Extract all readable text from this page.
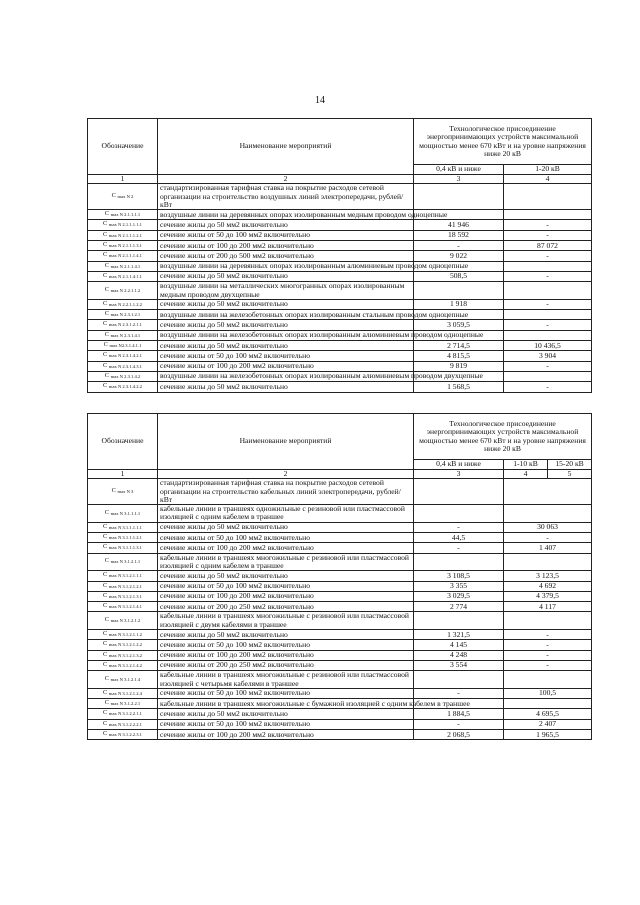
14
Обозначение	Наименование мероприятий	Технологическое присоединение энергопринимающих устройств максимальной мощностью менее 670 кВт и на уровне напряжения ниже 20 кВ	
		0,4 кВ и ниже	1-20 кВ
1	2	3	4
С $_{max N 2}$	стандартизированная тарифная ставка на покрытие расходов сетевой организации на строительство воздушных линий электропередачи, рублей/кВт		
С $_{max N 2.1.1.1.1}$	воздушные линии на деревянных опорах изолированным медным проводом одноцепные		
С $_{max N 2.1.1.1.1.1}$	сечение жилы до 50 мм2 включительно	41 946	-
С $_{max N 2.1.1.1.2.1}$	сечение жилы от 50 до 100 мм2 включительно	18 592	-
С $_{max N 2.1.1.1.3.1}$	сечение жилы от 100 до 200 мм2 включительно	-	87 072
С $_{max N 2.1.1.1.4.1}$	сечение жилы от 200 до 500 мм2 включительно	9 022	-
С $_{max N 2.1.1.4.1}$	воздушные линии на деревянных опорах изолированным алюминиевым проводом одноцепные		
С $_{max N 2.1.1.4.1.1}$	сечение жилы до 50 мм2 включительно	508,5	-
С $_{max N 2.2.1.1.2}$	воздушные линии на металлических многогранных опорах изолированным медным проводом двухцепные		
С $_{max N 2.2.1.1.2.2}$	сечение жилы до 50 мм2 включительно	1 918	-
С $_{max N 2.3.1.2.1}$	воздушные линии на железобетонных опорах изолированным стальным проводом одноцепные		
С $_{max N 2.3.1.2.1.1}$	сечение жилы до 50 мм2 включительно	3 059,5	-
С $_{max N 2.3.1.4.1}$	воздушные линии на железобетонных опорах изолированным алюминиевым проводом одноцепные		
С $_{max N2.3.1.4.1.1}$	сечение жилы до 50 мм2 включительно	2 714,5	10 436,5
С $_{max N 2.3.1.4.2.1}$	сечение жилы от 50 до 100 мм2 включительно	4 815,5	3 904
С $_{max N 2.3.1.4.3.1}$	сечение жилы от 100 до 200 мм2 включительно	9 819	-
С $_{max N 2.3.1.4.2}$	воздушные линии на железобетонных опорах изолированным алюминиевым проводом двухцепные		
С $_{max N 2.3.1.4.2.2}$	сечение жилы до 50 мм2 включительно	1 568,5	-
Обозначение	Наименование мероприятий	Технологическое присоединение энергопринимающих устройств максимальной мощностью менее 670 кВт и на уровне напряжения ниже 20 кВ		
		0,4 кВ и ниже	1-10 кВ	15-20 кВ
1	2	3	4	5
С $_{max N 3}$	стандартизированная тарифная ставка на покрытие расходов сетевой организации на строительство кабельных линий электропередачи, рублей/кВт			
С $_{max N 3.1.1.1.1}$	кабельные линии в траншеях одножильные с резиновой или пластмассовой изоляцией с одним кабелем в траншее			
С $_{max N 3.1.1.1.1.1}$	сечение жилы до 50 мм2 включительно	-	30 063	
С $_{max N 3.1.1.1.2.1}$	сечение жилы от 50 до 100 мм2 включительно	44,5	-	
С $_{max N 3.1.1.1.3.1}$	сечение жилы от 100 до 200 мм2 включительно	-	1 407	
С $_{max N 3.1.2.1.1}$	кабельные линии в траншеях многожильные с резиновой или пластмассовой изоляцией с одним кабелем в траншее			
С $_{max N 3.1.2.1.1.1}$	сечение жилы до 50 мм2 включительно	3 108,5	3 123,5	
С $_{max N 3.1.2.1.2.1}$	сечение жилы от 50 до 100 мм2 включительно	3 355	4 692	
С $_{max N 3.1.2.1.3.1}$	сечение жилы от 100 до 200 мм2 включительно	3 029,5	4 379,5	
С $_{max N 3.1.2.1.4.1}$	сечение жилы от 200 до 250 мм2 включительно	2 774	4 117	
С $_{max N 3.1.2.1.2}$	кабельные линии в траншеях многожильные с резиновой или пластмассовой изоляцией с двумя кабелями в траншее			
С $_{max N 3.1.2.1.1.2}$	сечение жилы до 50 мм2 включительно	1 321,5	-	
С $_{max N 3.1.2.1.2.2}$	сечение жилы от 50 до 100 мм2 включительно	4 145	-	
С $_{max N 3.1.2.1.3.2}$	сечение жилы от 100 до 200 мм2 включительно	4 248	-	
С $_{max N 3.1.2.1.4.2}$	сечение жилы от 200 до 250 мм2 включительно	3 554	-	
С $_{max N 3.1.2.1.4}$	кабельные линии в траншеях многожильные с резиновой или пластмассовой изоляцией с четырьмя кабелями в траншее			
С $_{max N 3.1.2.1.2.4}$	сечение жилы от 50 до 100 мм2 включительно	-	100,5	
С $_{max N 3.1.2.2.1}$	кабельные линии в траншеях многожильные с бумажной изоляцией с одним кабелем в траншее			
С $_{max N 3.1.2.2.1.1}$	сечение жилы до 50 мм2 включительно	1 884,5	4 695,5	
С $_{max N 3.1.2.2.2.1}$	сечение жилы от 50 до 100 мм2 включительно	-	2 407	
С $_{max N 3.1.2.2.3.1}$	сечение жилы от 100 до 200 мм2 включительно	2 068,5	1 965,5	
